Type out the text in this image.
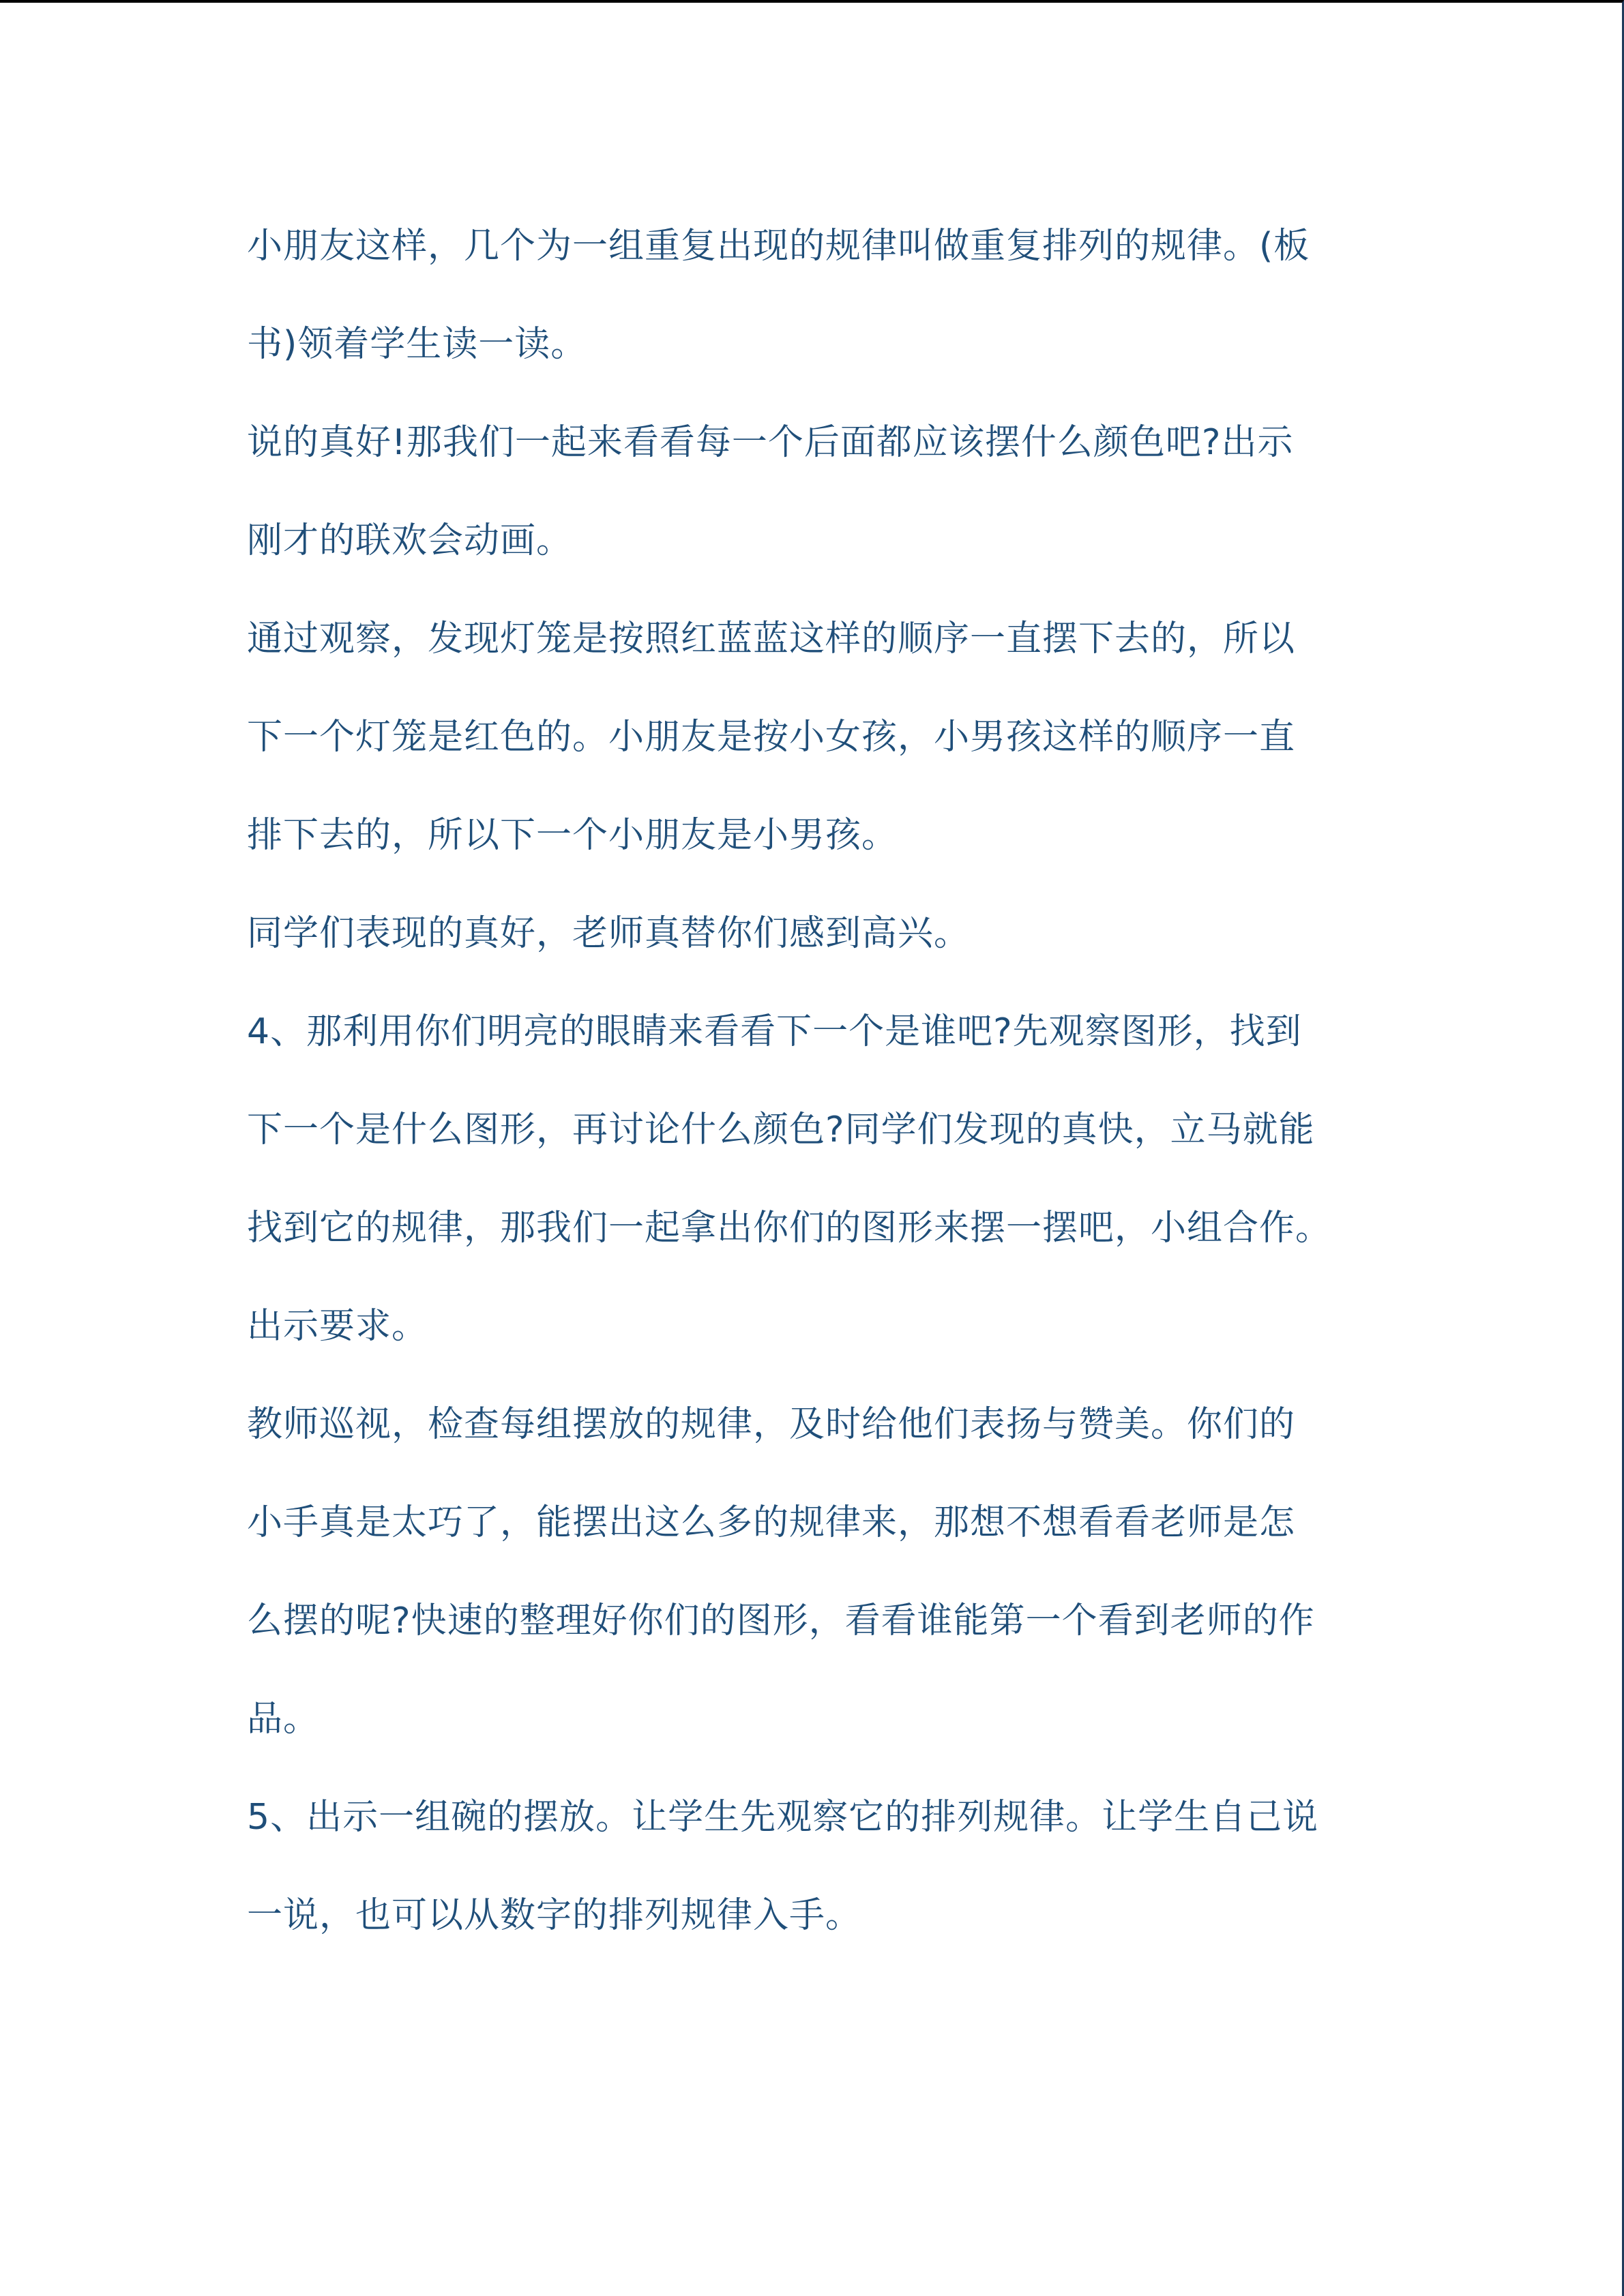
小朋友这样，几个为一组重复出现的规律叫做重复排列的规律。(板
书)领着学生读一读。
说的真好!那我们一起来看看每一个后面都应该摆什么颜色吧?出示
刚才的联欢会动画。
通过观察，发现灯笼是按照红蓝蓝这样的顺序一直摆下去的，所以
下一个灯笼是红色的。小朋友是按小女孩，小男孩这样的顺序一直
排下去的，所以下一个小朋友是小男孩。
同学们表现的真好，老师真替你们感到高兴。
4、那利用你们明亮的眼睛来看看下一个是谁吧?先观察图形，找到
下一个是什么图形，再讨论什么颜色?同学们发现的真快，立马就能
找到它的规律，那我们一起拿出你们的图形来摆一摆吧，小组合作。
出示要求。
教师巡视，检查每组摆放的规律，及时给他们表扬与赞美。你们的
小手真是太巧了，能摆出这么多的规律来，那想不想看看老师是怎
么摆的呢?快速的整理好你们的图形，看看谁能第一个看到老师的作
品。
5、出示一组碗的摆放。让学生先观察它的排列规律。让学生自己说
一说，也可以从数字的排列规律入手。
